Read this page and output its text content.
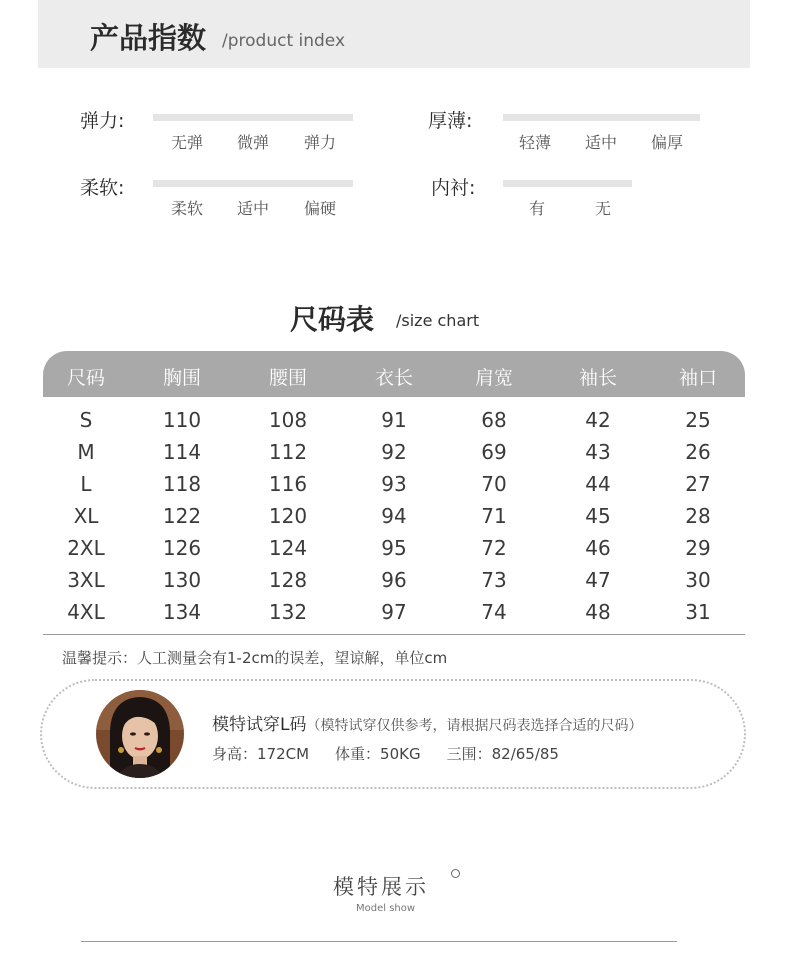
产品指数 /product index
弹力:
无弹	微弹	弹力
厚薄:
轻薄	适中	偏厚
柔软:
柔软	适中	偏硬
内衬:
有	无
尺码表 /size chart
尺码	胸围	腰围	衣长	肩宽	袖长	袖口
S	110	108	91	68	42	25
M	114	112	92	69	43	26
L	118	116	93	70	44	27
XL	122	120	94	71	45	28
2XL	126	124	95	72	46	29
3XL	130	128	96	73	47	30
4XL	134	132	97	74	48	31
温馨提示：人工测量会有1-2cm的误差，望谅解，单位cm
模特试穿L码（模特试穿仅供参考，请根据尺码表选择合适的尺码）
身高：172CM 体重：50KG 三围：82/65/85
模特展示
Model show
